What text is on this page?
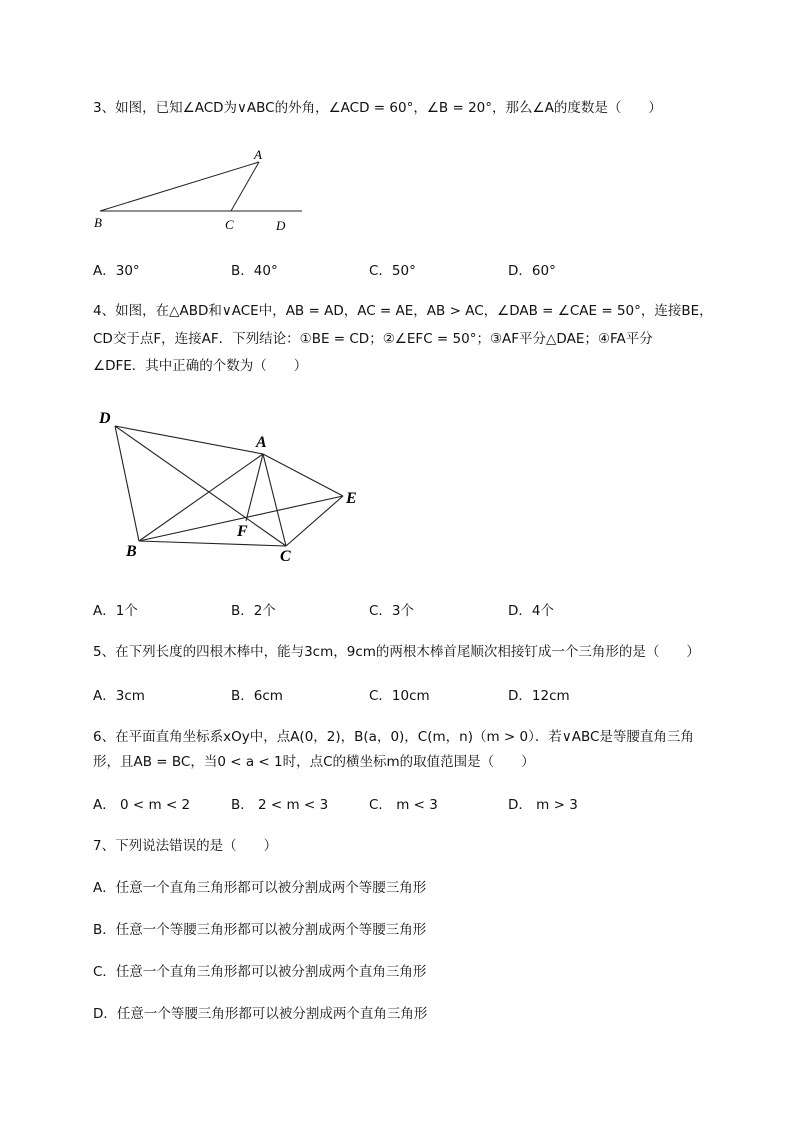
3、如图，已知∠ACD为∨ABC的外角，∠ACD = 60°，∠B = 20°，那么∠A的度数是（　　）
A
B	C	D
A．30°	B．40°	C．50°	D．60°
4、如图，在△ABD和∨ACE中，AB = AD，AC = AE，AB > AC，∠DAB = ∠CAE = 50°，连接BE，
CD交于点F，连接AF．下列结论：①BE = CD；②∠EFC = 50°；③AF平分△DAE；④FA平分
∠DFE．其中正确的个数为（　　）
D
A
E
F
B	C
A．1个	B．2个	C．3个	D．4个
5、在下列长度的四根木棒中，能与3cm，9cm的两根木棒首尾顺次相接钉成一个三角形的是（　　）
A．3cm	B．6cm	C．10cm	D．12cm
6、在平面直角坐标系xOy中，点A(0，2)，B(a，0)，C(m，n)（m > 0）．若∨ABC是等腰直角三角
形，且AB = BC，当0 < a < 1时，点C的横坐标m的取值范围是（　　）
A． 0 < m < 2	B． 2 < m < 3	C． m < 3	D． m > 3
7、下列说法错误的是（　　）
A．任意一个直角三角形都可以被分割成两个等腰三角形
B．任意一个等腰三角形都可以被分割成两个等腰三角形
C．任意一个直角三角形都可以被分割成两个直角三角形
D．任意一个等腰三角形都可以被分割成两个直角三角形
